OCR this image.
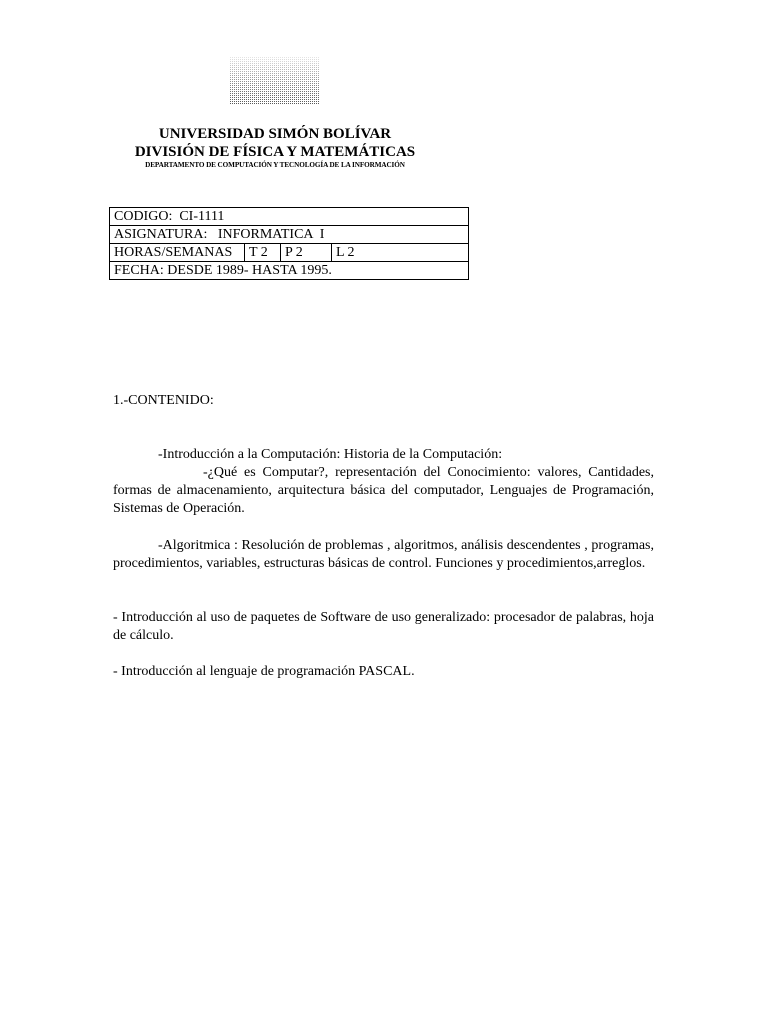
UNIVERSIDAD SIMÓN BOLÍVAR
DIVISIÓN DE FÍSICA Y MATEMÁTICAS
DEPARTAMENTO DE COMPUTACIÓN Y TECNOLOGÍA DE LA INFORMACIÓN
CODIGO:  CI-1111
ASIGNATURA:   INFORMATICA  I
HORAS/SEMANAS	T 2	P 2	L 2
FECHA: DESDE 1989- HASTA 1995.
1.-CONTENIDO:
-Introducción a la Computación: Historia de la Computación:
-¿Qué es Computar?, representación del Conocimiento: valores, Cantidades, formas de almacenamiento, arquitectura básica del computador, Lenguajes de Programación, Sistemas de Operación.
-Algoritmica : Resolución de problemas , algoritmos, análisis descendentes , programas, procedimientos, variables, estructuras básicas de control. Funciones y procedimientos,arreglos.
- Introducción al uso de paquetes de Software de uso generalizado: procesador de palabras, hoja de cálculo.
- Introducción al lenguaje de programación PASCAL.
